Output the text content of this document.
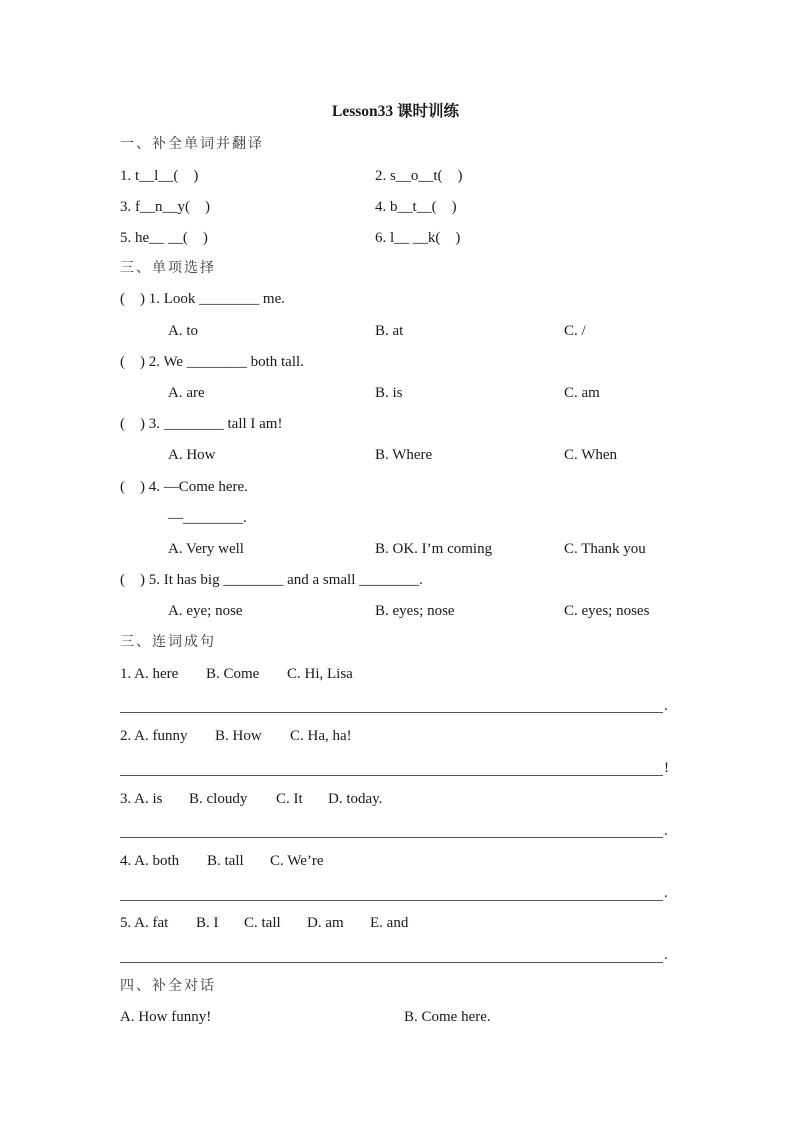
Lesson33 课时训练
一、补全单词并翻译
1. t__l__(    )	2. s__o__t(    )
3. f__n__y(    )	4. b__t__(    )
5. he__ __(    )	6. l__ __k(    )
三、单项选择
(    ) 1. Look ________ me.
A. to	B. at	C. /
(    ) 2. We ________ both tall.
A. are	B. is	C. am
(    ) 3. ________ tall I am!
A. How	B. Where	C. When
(    ) 4. —Come here.
—________.
A. Very well	B. OK. I’m coming	C. Thank you
(    ) 5. It has big ________ and a small ________.
A. eye; nose	B. eyes; nose	C. eyes; noses
三、连词成句
1. A. here B. Come C. Hi, Lisa
.
2. A. funny B. How C. Ha, ha!
!
3. A. is B. cloudy C. It D. today.
.
4. A. both B. tall C. We’re
.
5. A. fat B. I C. tall D. am E. and
.
四、补全对话
A. How funny!	B. Come here.
